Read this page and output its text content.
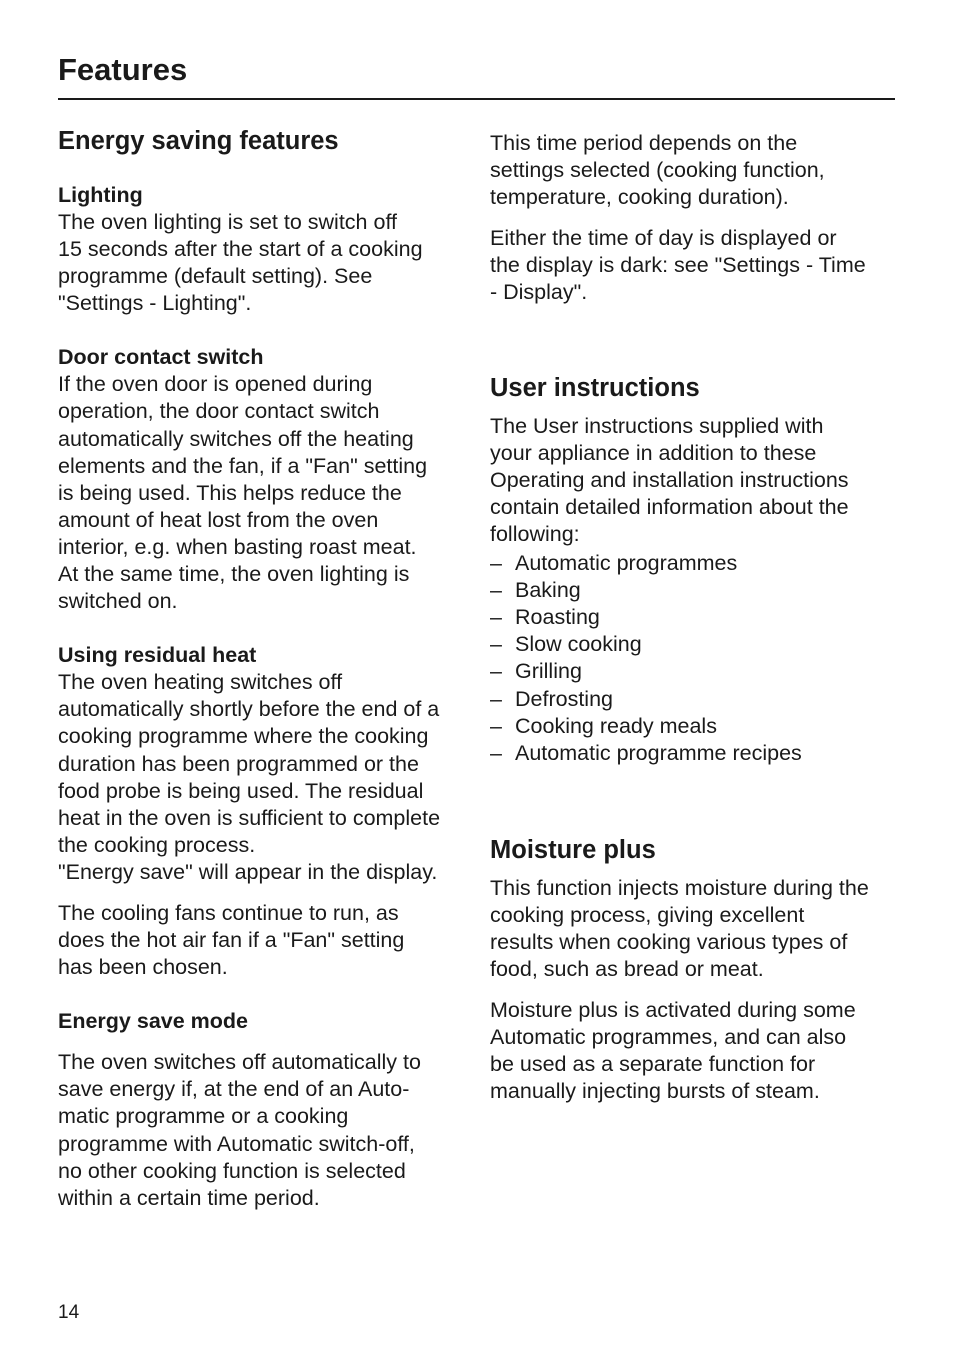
Features
Energy saving features
Lighting
The oven lighting is set to switch off
15 seconds after the start of a cooking
programme (default setting). See
"Settings - Lighting".
Door contact switch
If the oven door is opened during
operation, the door contact switch
automatically switches off the heating
elements and the fan, if a "Fan" setting
is being used. This helps reduce the
amount of heat lost from the oven
interior, e.g. when basting roast meat.
At the same time, the oven lighting is
switched on.
Using residual heat
The oven heating switches off
automatically shortly before the end of a
cooking programme where the cooking
duration has been programmed or the
food probe is being used. The residual
heat in the oven is sufficient to complete
the cooking process.
"Energy save" will appear in the display.
The cooling fans continue to run, as
does the hot air fan if a "Fan" setting
has been chosen.
Energy save mode
The oven switches off automatically to
save energy if, at the end of an Auto-
matic programme or a cooking
programme with Automatic switch-off,
no other cooking function is selected
within a certain time period.
This time period depends on the
settings selected (cooking function,
temperature, cooking duration).
Either the time of day is displayed or
the display is dark: see "Settings - Time
- Display".
User instructions
The User instructions supplied with
your appliance in addition to these
Operating and installation instructions
contain detailed information about the
following:
– Automatic programmes
– Baking
– Roasting
– Slow cooking
– Grilling
– Defrosting
– Cooking ready meals
– Automatic programme recipes
Moisture plus
This function injects moisture during the
cooking process, giving excellent
results when cooking various types of
food, such as bread or meat.
Moisture plus is activated during some
Automatic programmes, and can also
be used as a separate function for
manually injecting bursts of steam.
14
